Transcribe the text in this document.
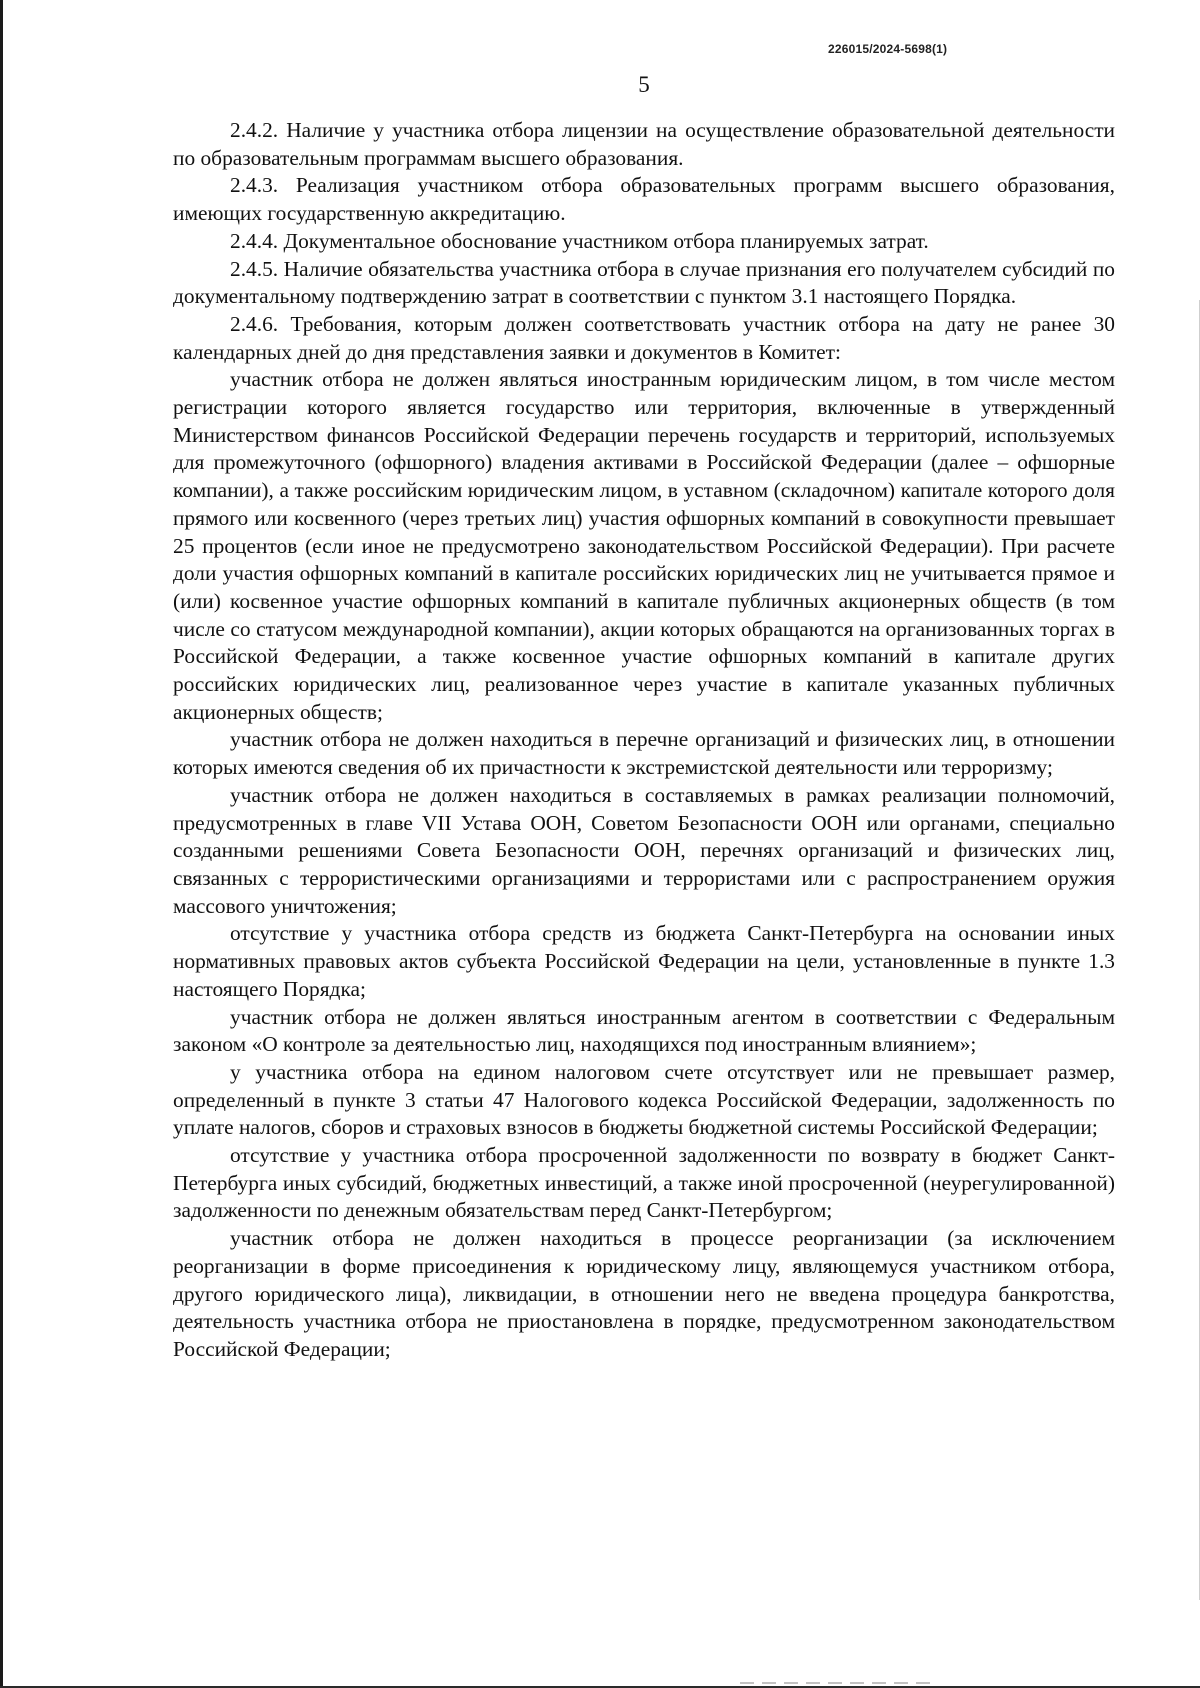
226015/2024-5698(1)
5

2.4.2. Наличие у участника отбора лицензии на осуществление образовательной деятельности по образовательным программам высшего образования.

2.4.3. Реализация участником отбора образовательных программ высшего образования, имеющих государственную аккредитацию.

2.4.4. Документальное обоснование участником отбора планируемых затрат.

2.4.5. Наличие обязательства участника отбора в случае признания его получателем субсидий по документальному подтверждению затрат в соответствии с пунктом 3.1 настоящего Порядка.

2.4.6. Требования, которым должен соответствовать участник отбора на дату не ранее 30 календарных дней до дня представления заявки и документов в Комитет:

участник отбора не должен являться иностранным юридическим лицом, в том числе местом регистрации которого является государство или территория, включенные в утвержденный Министерством финансов Российской Федерации перечень государств и территорий, используемых для промежуточного (офшорного) владения активами в Российской Федерации (далее – офшорные компании), а также российским юридическим лицом, в уставном (складочном) капитале которого доля прямого или косвенного (через третьих лиц) участия офшорных компаний в совокупности превышает 25 процентов (если иное не предусмотрено законодательством Российской Федерации). При расчете доли участия офшорных компаний в капитале российских юридических лиц не учитывается прямое и (или) косвенное участие офшорных компаний в капитале публичных акционерных обществ (в том числе со статусом международной компании), акции которых обращаются на организованных торгах в Российской Федерации, а также косвенное участие офшорных компаний в капитале других российских юридических лиц, реализованное через участие в капитале указанных публичных акционерных обществ;

участник отбора не должен находиться в перечне организаций и физических лиц, в отношении которых имеются сведения об их причастности к экстремистской деятельности или терроризму;

участник отбора не должен находиться в составляемых в рамках реализации полномочий, предусмотренных в главе VII Устава ООН, Советом Безопасности ООН или органами, специально созданными решениями Совета Безопасности ООН, перечнях организаций и физических лиц, связанных с террористическими организациями и террористами или с распространением оружия массового уничтожения;

отсутствие у участника отбора средств из бюджета Санкт-Петербурга на основании иных нормативных правовых актов субъекта Российской Федерации на цели, установленные в пункте 1.3 настоящего Порядка;

участник отбора не должен являться иностранным агентом в соответствии с Федеральным законом «О контроле за деятельностью лиц, находящихся под иностранным влиянием»;

у участника отбора на едином налоговом счете отсутствует или не превышает размер, определенный в пункте 3 статьи 47 Налогового кодекса Российской Федерации, задолженность по уплате налогов, сборов и страховых взносов в бюджеты бюджетной системы Российской Федерации;

отсутствие у участника отбора просроченной задолженности по возврату в бюджет Санкт-Петербурга иных субсидий, бюджетных инвестиций, а также иной просроченной (неурегулированной) задолженности по денежным обязательствам перед Санкт-Петербургом;

участник отбора не должен находиться в процессе реорганизации (за исключением реорганизации в форме присоединения к юридическому лицу, являющемуся участником отбора, другого юридического лица), ликвидации, в отношении него не введена процедура банкротства, деятельность участника отбора не приостановлена в порядке, предусмотренном законодательством Российской Федерации;
